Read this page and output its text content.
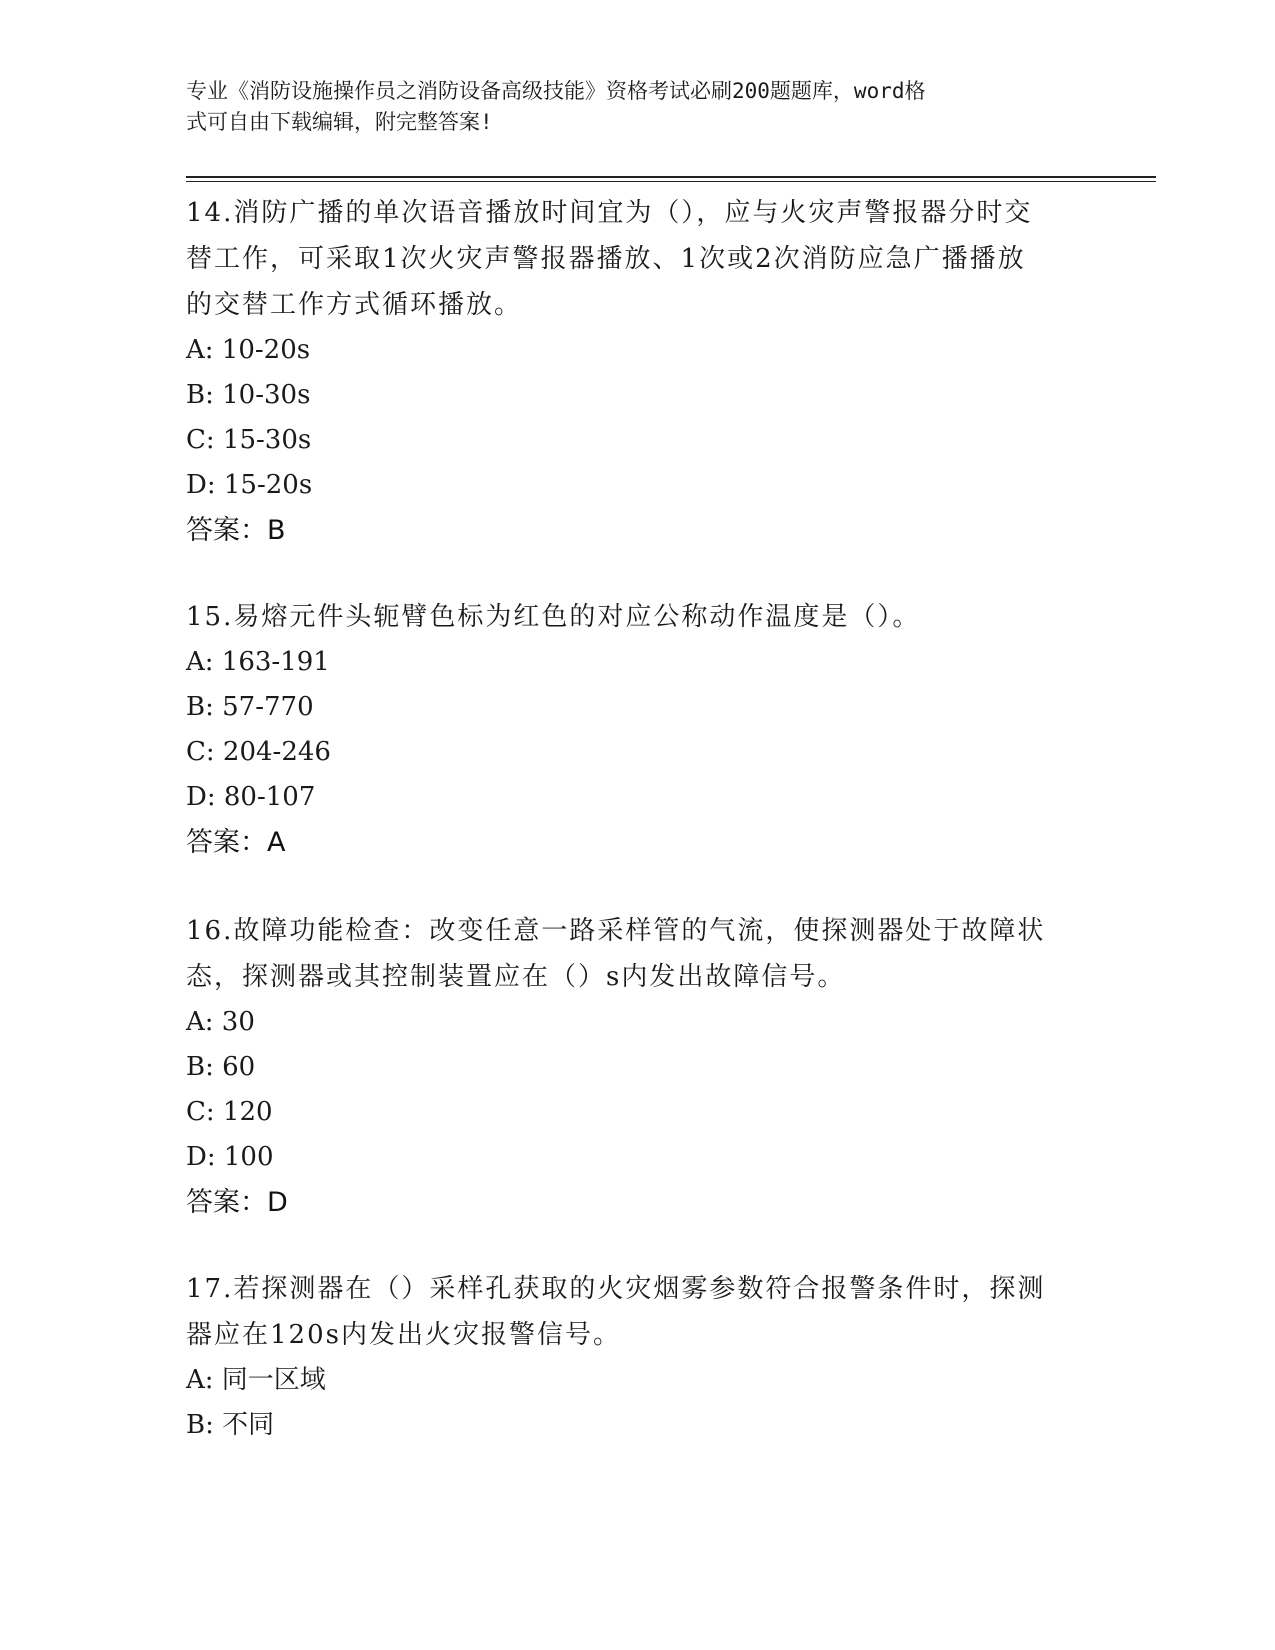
专业《消防设施操作员之消防设备高级技能》资格考试必刷200题题库，word格
式可自由下载编辑，附完整答案!
14.消防广播的单次语音播放时间宜为（），应与火灾声警报器分时交
替工作，可采取1次火灾声警报器播放、1次或2次消防应急广播播放
的交替工作方式循环播放。
A: 10-20s
B: 10-30s
C: 15-30s
D: 15-20s
答案：B
15.易熔元件头轭臂色标为红色的对应公称动作温度是（）。
A: 163-191
B: 57-770
C: 204-246
D: 80-107
答案：A
16.故障功能检查：改变任意一路采样管的气流，使探测器处于故障状
态，探测器或其控制装置应在（）s内发出故障信号。
A: 30
B: 60
C: 120
D: 100
答案：D
17.若探测器在（）采样孔获取的火灾烟雾参数符合报警条件时，探测
器应在120s内发出火灾报警信号。
A: 同一区域
B: 不同
